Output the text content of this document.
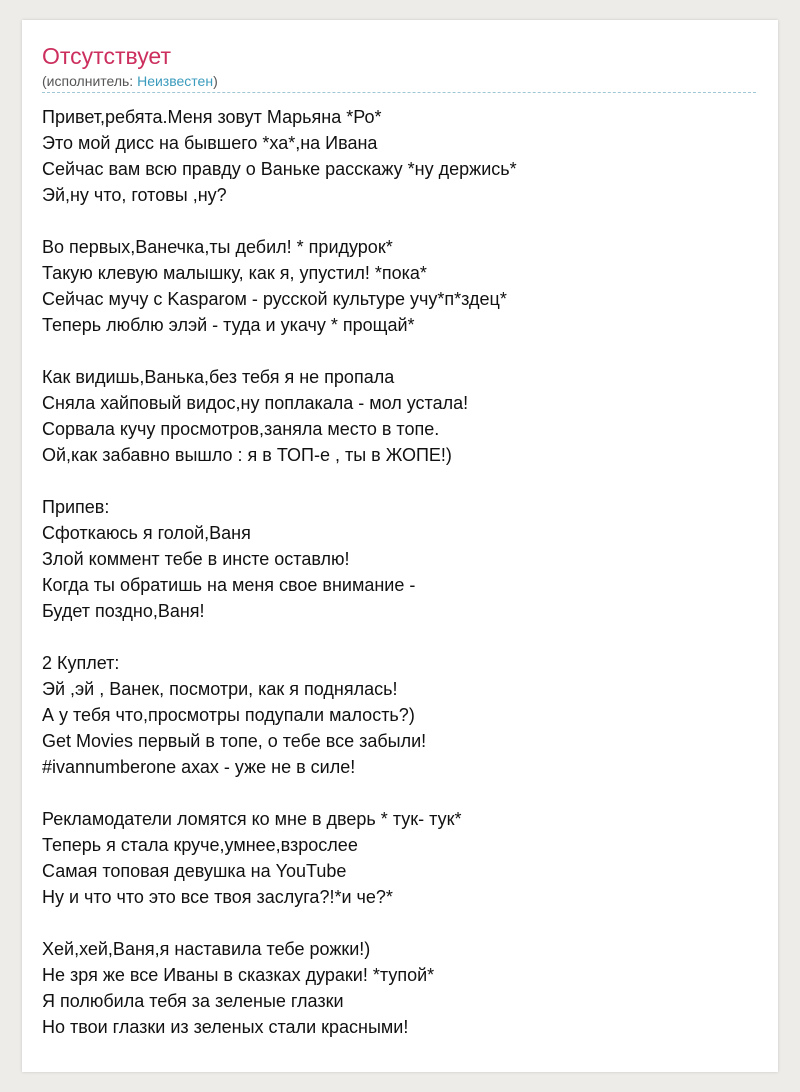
Отсутствует
(исполнитель: Неизвестен)
Привет,ребята.Меня зовут Марьяна *Ро*
Это мой дисс на бывшего *ха*,на Ивана
Сейчас вам всю правду о Ваньке расскажу *ну держись*
Эй,ну что, готовы ,ну?
Во первых,Ванечка,ты дебил! * придурок*
Такую клевую малышку, как я, упустил! *пока*
Сейчас мучу с Kasparом - русской культуре учу*п*здец*
Теперь люблю элэй - туда и укачу * прощай*
Как видишь,Ванька,без тебя я не пропала
Сняла хайповый видос,ну поплакала - мол устала!
Сорвала кучу просмотров,заняла место в топе.
Ой,как забавно вышло : я в ТОП-е , ты в ЖОПЕ!)
Припев:
Сфоткаюсь я голой,Ваня
Злой коммент тебе в инсте оставлю!
Когда ты обратишь на меня свое внимание -
Будет поздно,Ваня!
2 Куплет:
Эй ,эй , Ванек, посмотри, как я поднялась!
А у тебя что,просмотры подупали малость?)
Get Movies первый в топе, о тебе все забыли!
#ivannumberone ахах - уже не в силе!
Рекламодатели ломятся ко мне в дверь * тук- тук*
Теперь я стала круче,умнее,взрослее
Самая топовая девушка на YouTube
Ну и что что это все твоя заслуга?!*и че?*
Хей,хей,Ваня,я наставила тебе рожки!)
Не зря же все Иваны в сказках дураки! *тупой*
Я полюбила тебя за зеленые глазки
Но твои глазки из зеленых стали красными!
